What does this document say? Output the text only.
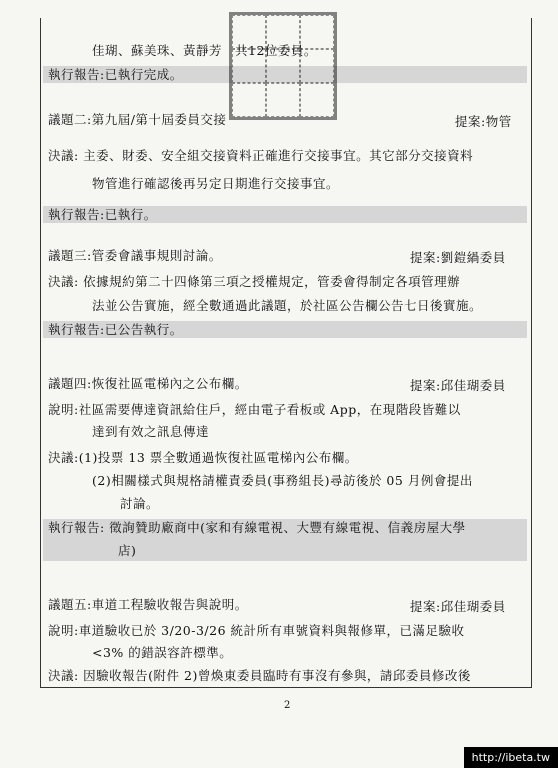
佳瑚、蘇美珠、黃靜芳　共12位委員。
執行報告:已執行完成。
議題二:第九屆/第十屆委員交接
決議: 主委、財委、安全組交接資料正確進行交接事宜。其它部分交接資料
物管進行確認後再另定日期進行交接事宜。
執行報告:已執行。
議題三:管委會議事規則討論。
決議: 依據規約第二十四條第三項之授權規定，管委會得制定各項管理辦
法並公告實施，經全數通過此議題，於社區公告欄公告七日後實施。
執行報告:已公告執行。
議題四:恢復社區電梯內之公布欄。
說明:社區需要傳達資訊給住戶，經由電子看板或 App，在現階段皆難以
達到有效之訊息傳達
決議:(1)投票 13 票全數通過恢復社區電梯內公布欄。
(2)相關樣式與規格請權責委員(事務組長)尋訪後於 05 月例會提出
討論。
執行報告: 徵詢贊助廠商中(家和有線電視、大豐有線電視、信義房屋大學
店)
議題五:車道工程驗收報告與說明。
說明:車道驗收已於 3/20-3/26 統計所有車號資料與報修單，已滿足驗收
<3% 的錯誤容許標準。
決議: 因驗收報告(附件 2)曾煥東委員臨時有事沒有參與，請邱委員修改後
提案:物管
提案:劉鎧緺委員
提案:邱佳瑚委員
提案:邱佳瑚委員
2
http://ibeta.tw
